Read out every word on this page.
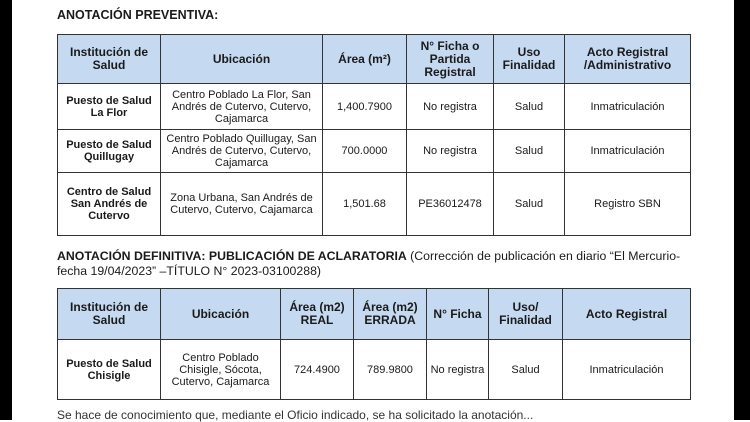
ANOTACIÓN PREVENTIVA:
Institución de Salud	Ubicación	Área (m²)	N° Ficha o Partida Registral	Uso Finalidad	Acto Registral /Administrativo
Puesto de Salud La Flor	Centro Poblado La Flor, San Andrés de Cutervo, Cutervo, Cajamarca	1,400.7900	No registra	Salud	Inmatriculación
Puesto de Salud Quillugay	Centro Poblado Quillugay, San Andrés de Cutervo, Cutervo, Cajamarca	700.0000	No registra	Salud	Inmatriculación
Centro de Salud San Andrés de Cutervo	Zona Urbana, San Andrés de Cutervo, Cutervo, Cajamarca	1,501.68	PE36012478	Salud	Registro SBN
ANOTACIÓN DEFINITIVA: PUBLICACIÓN DE ACLARATORIA (Corrección de publicación en diario “El Mercurio- fecha 19/04/2023” –TÍTULO N° 2023-03100288)
Institución de Salud	Ubicación	Área (m2) REAL	Área (m2) ERRADA	N° Ficha	Uso/ Finalidad	Acto Registral
Puesto de Salud Chisigle	Centro Poblado Chisigle, Sócota, Cutervo, Cajamarca	724.4900	789.9800	No registra	Salud	Inmatriculación
Se hace de conocimiento que, mediante el Oficio indicado, se ha solicitado la anotación...
